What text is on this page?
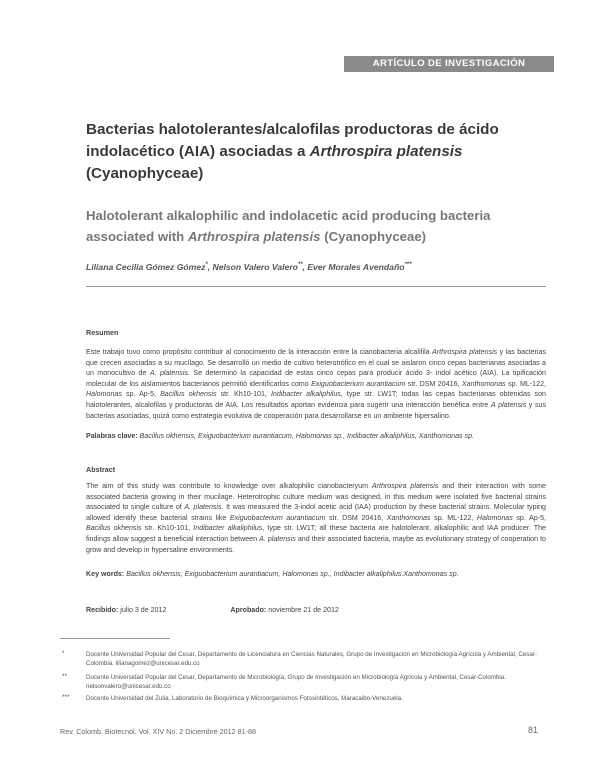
ARTÍCULO DE INVESTIGACIÓN
Bacterias halotolerantes/alcalofilas productoras de ácido
indolacético (AIA) asociadas a Arthrospira platensis
(Cyanophyceae)
Halotolerant alkalophilic and indolacetic acid producing bacteria
associated with Arthrospira platensis (Cyanophyceae)
Liliana Cecilia Gómez Gómez*, Nelson Valero Valero**, Ever Morales Avendaño***
Resumen
Este trabajo tuvo como propósito contribuir al conocimiento de la interacción entre la cianobacteria alcalifila Arthrospira platensis y las bacterias que crecen asociadas a su mucílago. Se desarrolló un medio de cultivo heterotrófico en el cual se aislaron cinco cepas bacterianas asociadas a un monocultivo de A. platensis. Se determinó la capacidad de estas cinco cepas para producir ácido 3- indol acético (AIA). La tipificación molecular de los aislamientos bacterianos permitió identificarlos como Exiguobacterium aurantiacum str. DSM 20416, Xanthomonas sp. ML-122, Halomonas sp. Ap-5, Bacillus okhensis str. Kh10-101, Indibacter alkaliphilus, type str. LW1T; todas las cepas bacterianas obtenidas son halotolerantes, alcalofilas y productoras de AIA. Los resultados aportan evidencia para sugerir una interacción benéfica entre A platensis y sus bacterias asociadas, quizá como estrategia evolutiva de cooperación para desarrollarse en un ambiente hipersalino.
Palabras clave: Bacillus okhensis, Exiguobacterium aurantiacum, Halomonas sp., Indibacter alkaliphilus, Xanthomonas sp.
Abstract
The aim of this study was contribute to knowledge over alkalophilic cianobacteryum Arthrospira platensis and their interaction with some associated bacteria growing in their mucilage. Heterotrophic culture medium was designed, in this medium were isolated five bacterial strains associated to single culture of A. platensis. It was measured the 3-indol acetic acid (IAA) production by these bacterial strains. Molecular typing allowed identify these bacterial strains like Exiguobacterium aurantiacum str. DSM 20416, Xanthomonas sp. ML-122, Halomonas sp. Ap-5, Bacillus okhensis str. Kh10-101, Indibacter alkaliphilus, type str. LW1T; all these bacteria are halotolerant, alkalophilic and IAA producer. The findings allow suggest a beneficial interaction between A. platensis and their associated bacteria, maybe as evolutionary strategy of cooperation to grow and develop in hypersaline environments.
Key words: Bacillus okhensis, Exiguobacterium aurantiacum, Halomonas sp., Indibacter alkaliphilus.Xanthomonas sp.
Recibido: julio 3 de 2012	Aprobado: noviembre 21 de 2012
*	Docente Universidad Popular del Cesar, Departamento de Licenciatura en Ciencias Naturales, Grupo de Investigación en Microbiología Agrícola y Ambiental, Cesar-Colombia. lilianagomez@unicesar.edu.co
**	Docente Universidad Popular del Cesar, Departamento de Microbiología, Grupo de Investigación en Microbiología Agrícola y Ambiental, Cesar-Colombia. nelsonvalero@unicesar.edu.co
***	Docente Universidad del Zulia, Laboratorio de Bioquímica y Microorganismos Fotosintéticos, Maracaibo-Venezuela.
Rev. Colomb. Biotecnol. Vol. XIV No. 2 Diciembre 2012 81-88	81
